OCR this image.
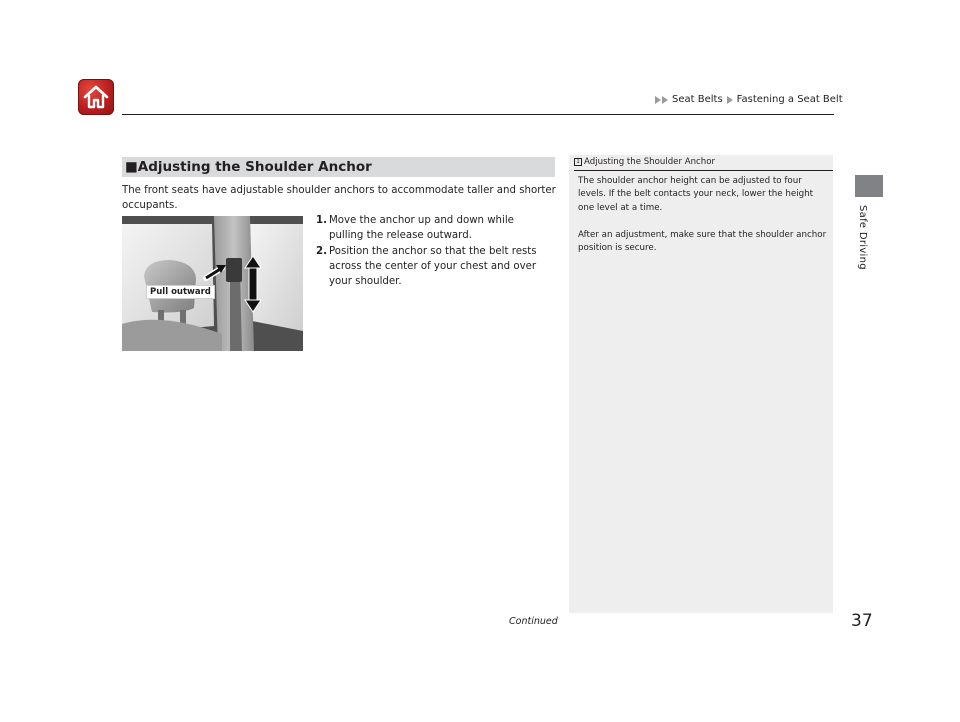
Seat Belts Fastening a Seat Belt
Safe Driving
■Adjusting the Shoulder Anchor
The front seats have adjustable shoulder anchors to accommodate taller and shorter occupants.
Pull outward
1. Move the anchor up and down while pulling the release outward.
2. Position the anchor so that the belt rests across the center of your chest and over your shoulder.
1 Adjusting the Shoulder Anchor
The shoulder anchor height can be adjusted to four levels. If the belt contacts your neck, lower the height one level at a time.
After an adjustment, make sure that the shoulder anchor position is secure.
Continued	37
